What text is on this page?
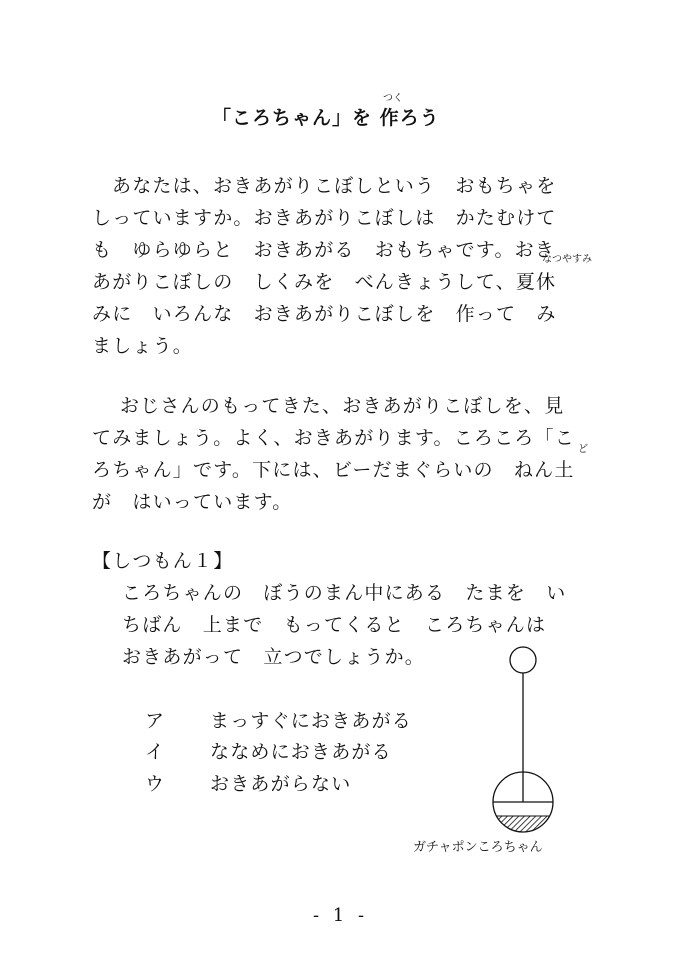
つく
「ころちゃん」を 作ろう
あなたは、おきあがりこぼしという　おもちゃを
しっていますか。おきあがりこぼしは　かたむけて
も　ゆらゆらと　おきあがる　おもちゃです。おき
あがりこぼしの　しくみを　べんきょうして、夏休
みに　いろんな　おきあがりこぼしを　作って　み
ましょう。
なつやすみ
おじさんのもってきた、おきあがりこぼしを、見
てみましょう。よく、おきあがります。ころころ「こ
ろちゃん」です。下には、ビーだまぐらいの　ねん土
が　はいっています。
ど
【しつもん１】
ころちゃんの　ぼうのまん中にある　たまを　い
ちばん　上まで　もってくると　ころちゃんは
おきあがって　立つでしょうか。
ア まっすぐにおきあがる
イ ななめにおきあがる
ウ おきあがらない
ガチャポンころちゃん
- 1 -
